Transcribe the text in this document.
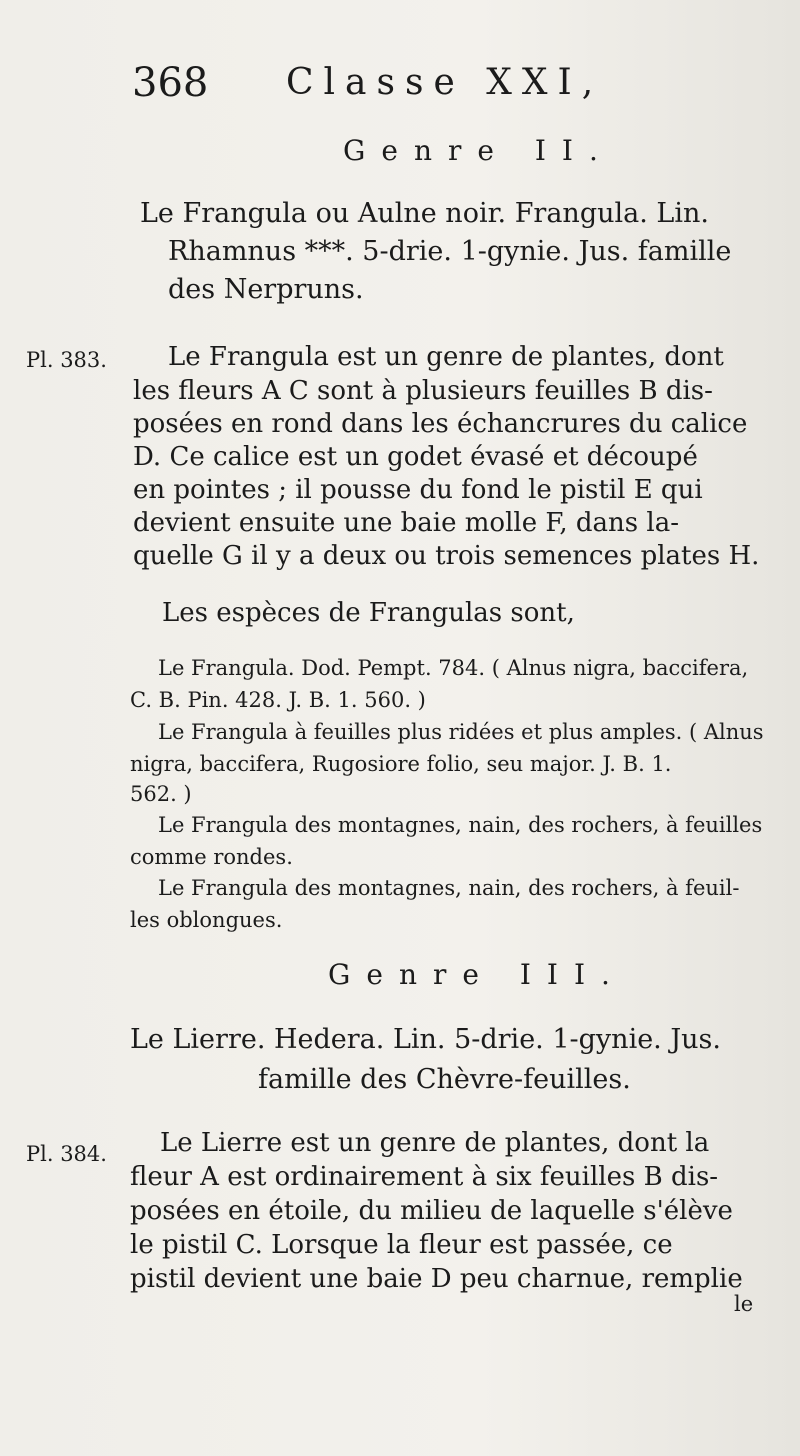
368 Classe XXI,
Genre II.
Le Frangula ou Aulne noir. Frangula. Lin.
Rhamnus ***. 5-drie. 1-gynie. Jus. famille
des Nerpruns.
Pl. 383. Le Frangula est un genre de plantes, dont
les fleurs A C sont à plusieurs feuilles B dis-
posées en rond dans les échancrures du calice
D. Ce calice est un godet évasé et découpé
en pointes ; il pousse du fond le pistil E qui
devient ensuite une baie molle F, dans la-
quelle G il y a deux ou trois semences plates H.
Les espèces de Frangulas sont,
Le Frangula. Dod. Pempt. 784. ( Alnus nigra, baccifera,
C. B. Pin. 428. J. B. 1. 560. )
Le Frangula à feuilles plus ridées et plus amples. ( Alnus
nigra, baccifera, Rugosiore folio, seu major. J. B. 1.
562. )
Le Frangula des montagnes, nain, des rochers, à feuilles
comme rondes.
Le Frangula des montagnes, nain, des rochers, à feuil-
les oblongues.
Genre III.
Le Lierre. Hedera. Lin. 5-drie. 1-gynie. Jus.
famille des Chèvre-feuilles.
Pl. 384. Le Lierre est un genre de plantes, dont la
fleur A est ordinairement à six feuilles B dis-
posées en étoile, du milieu de laquelle s'élève
le pistil C. Lorsque la fleur est passée, ce
pistil devient une baie D peu charnue, remplie
le
